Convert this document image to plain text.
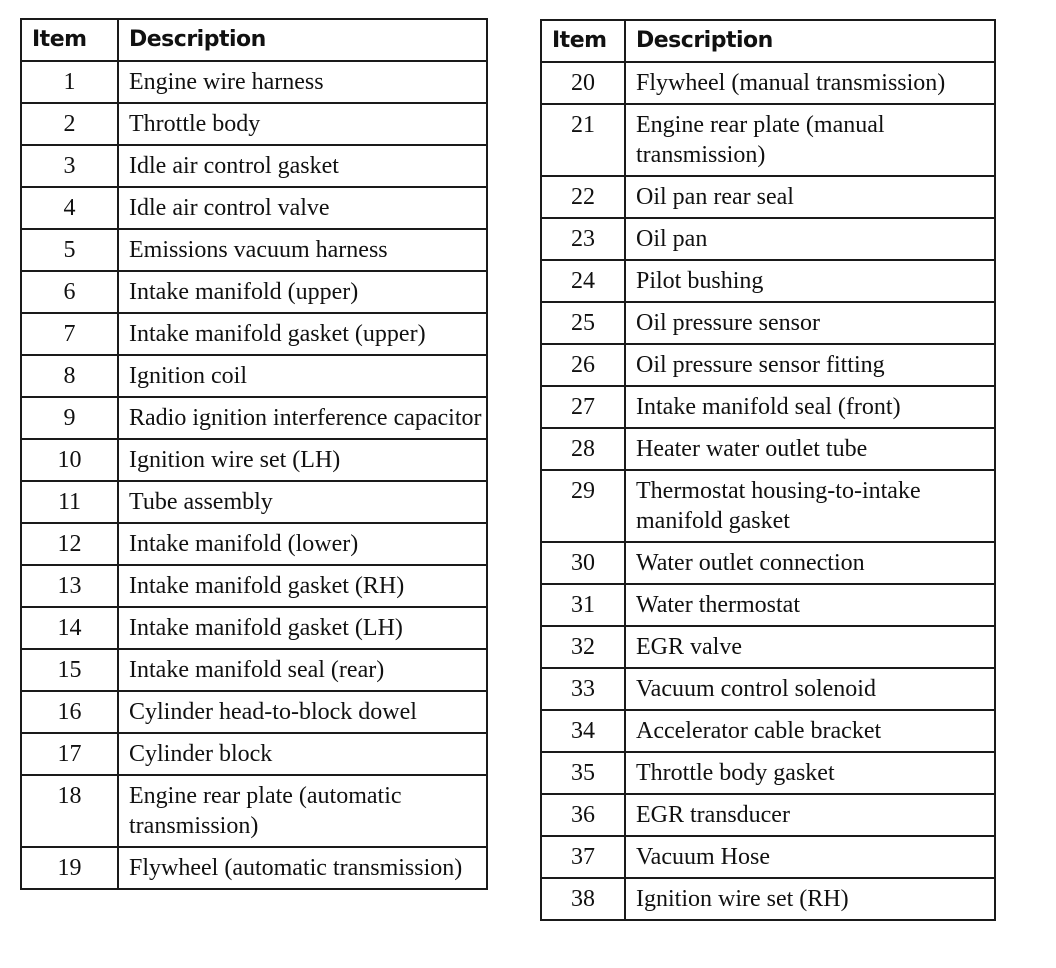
Item	Description
1	Engine wire harness
2	Throttle body
3	Idle air control gasket
4	Idle air control valve
5	Emissions vacuum harness
6	Intake manifold (upper)
7	Intake manifold gasket (upper)
8	Ignition coil
9	Radio ignition interference capacitor
10	Ignition wire set (LH)
11	Tube assembly
12	Intake manifold (lower)
13	Intake manifold gasket (RH)
14	Intake manifold gasket (LH)
15	Intake manifold seal (rear)
16	Cylinder head-to-block dowel
17	Cylinder block
18	Engine rear plate (automatic transmission)
19	Flywheel (automatic transmission)
Item	Description
20	Flywheel (manual transmission)
21	Engine rear plate (manual transmission)
22	Oil pan rear seal
23	Oil pan
24	Pilot bushing
25	Oil pressure sensor
26	Oil pressure sensor fitting
27	Intake manifold seal (front)
28	Heater water outlet tube
29	Thermostat housing-to-intake manifold gasket
30	Water outlet connection
31	Water thermostat
32	EGR valve
33	Vacuum control solenoid
34	Accelerator cable bracket
35	Throttle body gasket
36	EGR transducer
37	Vacuum Hose
38	Ignition wire set (RH)
